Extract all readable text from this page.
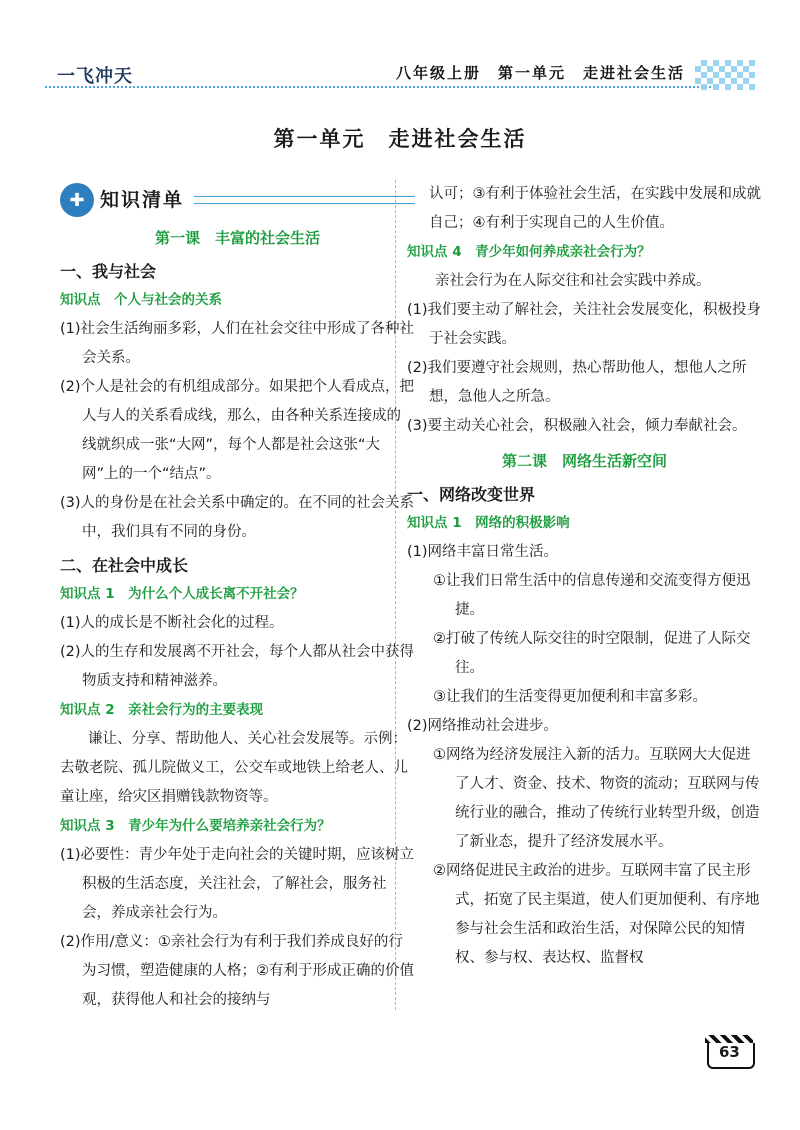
一飞冲天	八年级上册　第一单元　走进社会生活
第一单元　走进社会生活
✚ 知识清单
第一课　丰富的社会生活
一、我与社会
知识点　个人与社会的关系

(1)社会生活绚丽多彩，人们在社会交往中形成了各种社会关系。

(2)个人是社会的有机组成部分。如果把个人看成点，把人与人的关系看成线，那么，由各种关系连接成的线就织成一张“大网”，每个人都是社会这张“大网”上的一个“结点”。

(3)人的身份是在社会关系中确定的。在不同的社会关系中，我们具有不同的身份。

二、在社会中成长
知识点 1　为什么个人成长离不开社会？

(1)人的成长是不断社会化的过程。

(2)人的生存和发展离不开社会，每个人都从社会中获得物质支持和精神滋养。

知识点 2　亲社会行为的主要表现

谦让、分享、帮助他人、关心社会发展等。示例：去敬老院、孤儿院做义工，公交车或地铁上给老人、儿童让座，给灾区捐赠钱款物资等。

知识点 3　青少年为什么要培养亲社会行为？

(1)必要性：青少年处于走向社会的关键时期，应该树立积极的生活态度，关注社会，了解社会，服务社会，养成亲社会行为。

(2)作用/意义：①亲社会行为有利于我们养成良好的行为习惯，塑造健康的人格；②有利于形成正确的价值观，获得他人和社会的接纳与

认可；③有利于体验社会生活，在实践中发展和成就自己；④有利于实现自己的人生价值。

知识点 4　青少年如何养成亲社会行为？

亲社会行为在人际交往和社会实践中养成。

(1)我们要主动了解社会，关注社会发展变化，积极投身于社会实践。

(2)我们要遵守社会规则，热心帮助他人，想他人之所想，急他人之所急。

(3)要主动关心社会，积极融入社会，倾力奉献社会。

第二课　网络生活新空间
一、网络改变世界
知识点 1　网络的积极影响

(1)网络丰富日常生活。

①让我们日常生活中的信息传递和交流变得方便迅捷。

②打破了传统人际交往的时空限制，促进了人际交往。

③让我们的生活变得更加便利和丰富多彩。

(2)网络推动社会进步。

①网络为经济发展注入新的活力。互联网大大促进了人才、资金、技术、物资的流动；互联网与传统行业的融合，推动了传统行业转型升级，创造了新业态，提升了经济发展水平。

②网络促进民主政治的进步。互联网丰富了民主形式，拓宽了民主渠道，使人们更加便利、有序地参与社会生活和政治生活，对保障公民的知情权、参与权、表达权、监督权

63
